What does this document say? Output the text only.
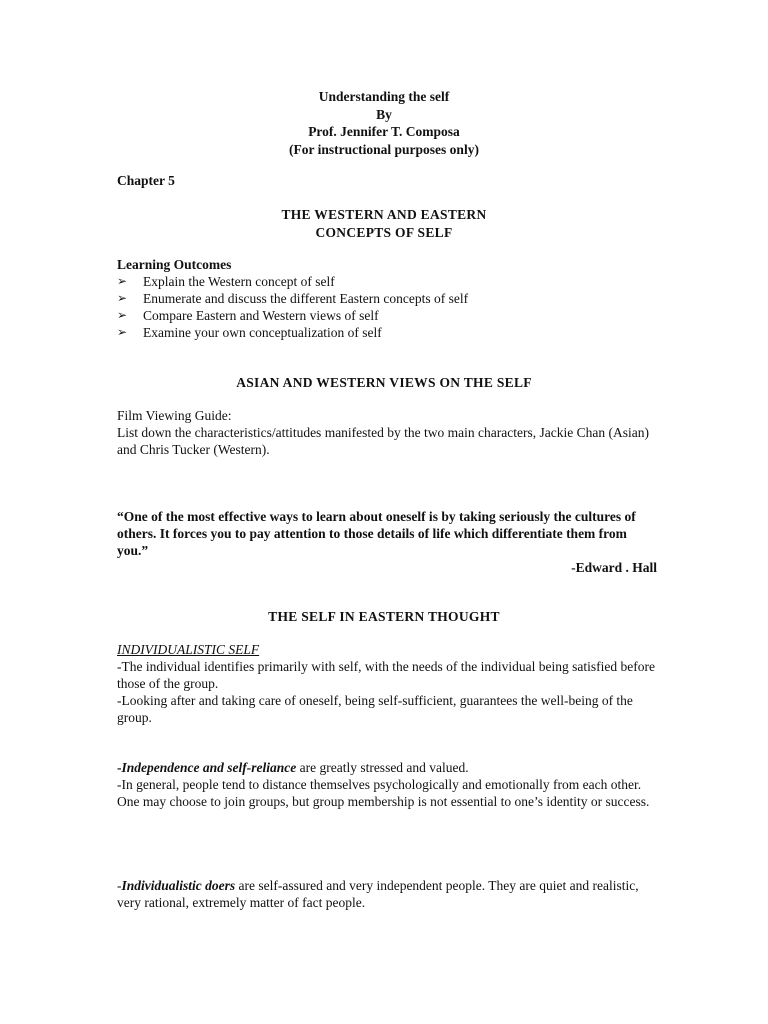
Understanding the self
By
Prof. Jennifer T. Composa
(For instructional purposes only)
Chapter 5
THE WESTERN AND EASTERN
CONCEPTS OF SELF
Learning Outcomes
➢	Explain the Western concept of self
➢	Enumerate and discuss the different Eastern concepts of self
➢	Compare Eastern and Western views of self
➢	Examine your own conceptualization of self
ASIAN AND WESTERN VIEWS ON THE SELF
Film Viewing Guide:

List down the characteristics/attitudes manifested by the two main characters, Jackie Chan (Asian) and Chris Tucker (Western).

“One of the most effective ways to learn about oneself is by taking seriously the cultures of others. It forces you to pay attention to those details of life which differentiate them from you.”

-Edward . Hall
THE SELF IN EASTERN THOUGHT
INDIVIDUALISTIC SELF

-The individual identifies primarily with self, with the needs of the individual being satisfied before those of the group.

-Looking after and taking care of oneself, being self-sufficient, guarantees the well-being of the group.

-Independence and self-reliance are greatly stressed and valued.

-In general, people tend to distance themselves psychologically and emotionally from each other. One may choose to join groups, but group membership is not essential to one’s identity or success.

-Individualistic doers are self-assured and very independent people. They are quiet and realistic, very rational, extremely matter of fact people.
